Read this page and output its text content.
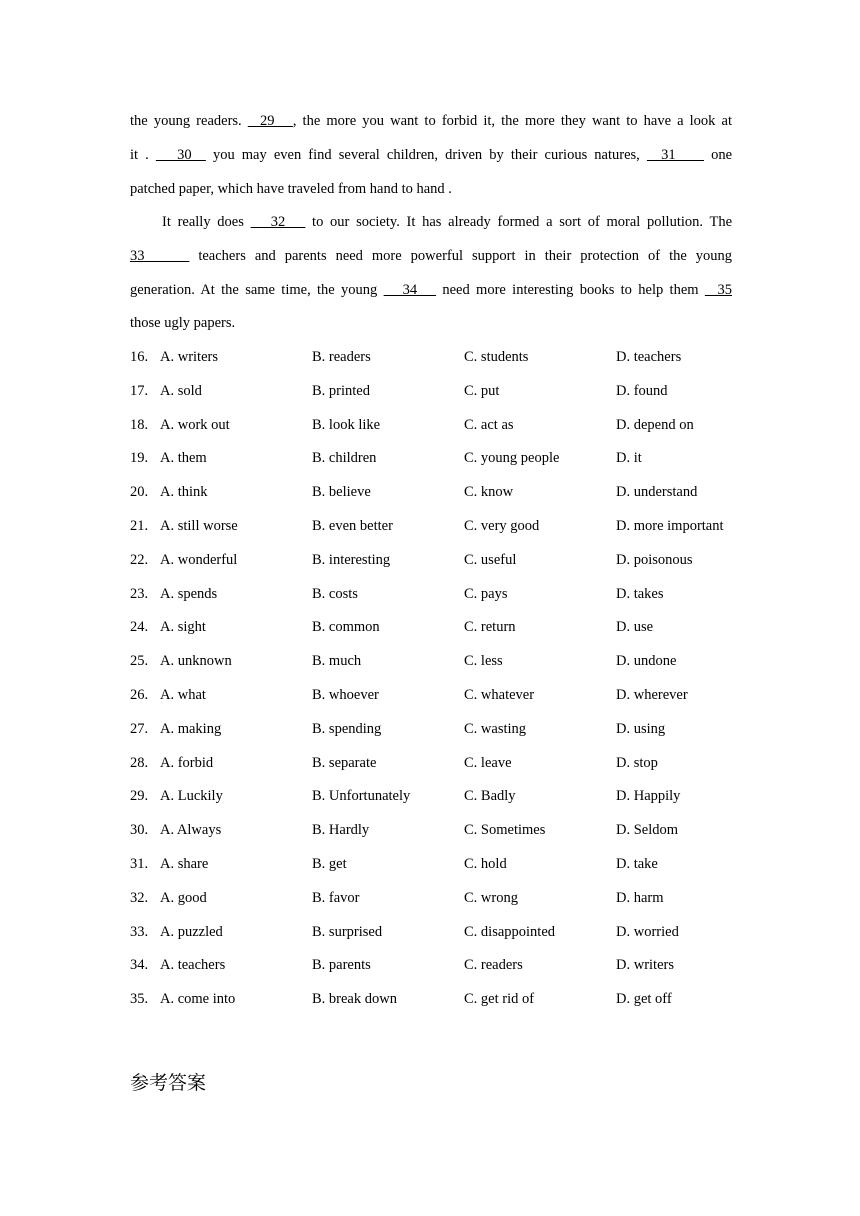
the young readers.   29   , the more you want to forbid it, the more they want to have a look at
it .    30   you may even find several children, driven by their curious natures,   31     one
patched paper, which have traveled from hand to hand .
It really does    32    to our society. It has already formed a sort of moral pollution. The
33      teachers and parents need more powerful support in their protection of the young
generation. At the same time, the young    34    need more interesting books to help them   35
those ugly papers.
16. A. writers	B. readers	C. students	D. teachers
17. A. sold	B. printed	C. put	D. found
18. A. work out	B. look like	C. act as	D. depend on
19. A. them	B. children	C. young people	D. it
20. A. think	B. believe	C. know	D. understand
21. A. still worse	B. even better	C. very good	D. more important
22. A. wonderful	B. interesting	C. useful	D. poisonous
23. A. spends	B. costs	C. pays	D. takes
24. A. sight	B. common	C. return	D. use
25. A. unknown	B. much	C. less	D. undone
26. A. what	B. whoever	C. whatever	D. wherever
27. A. making	B. spending	C. wasting	D. using
28. A. forbid	B. separate	C. leave	D. stop
29. A. Luckily	B. Unfortunately	C. Badly	D. Happily
30. A. Always	B. Hardly	C. Sometimes	D. Seldom
31. A. share	B. get	C. hold	D. take
32. A. good	B. favor	C. wrong	D. harm
33. A. puzzled	B. surprised	C. disappointed	D. worried
34. A. teachers	B. parents	C. readers	D. writers
35. A. come into	B. break down	C. get rid of	D. get off
参考答案
